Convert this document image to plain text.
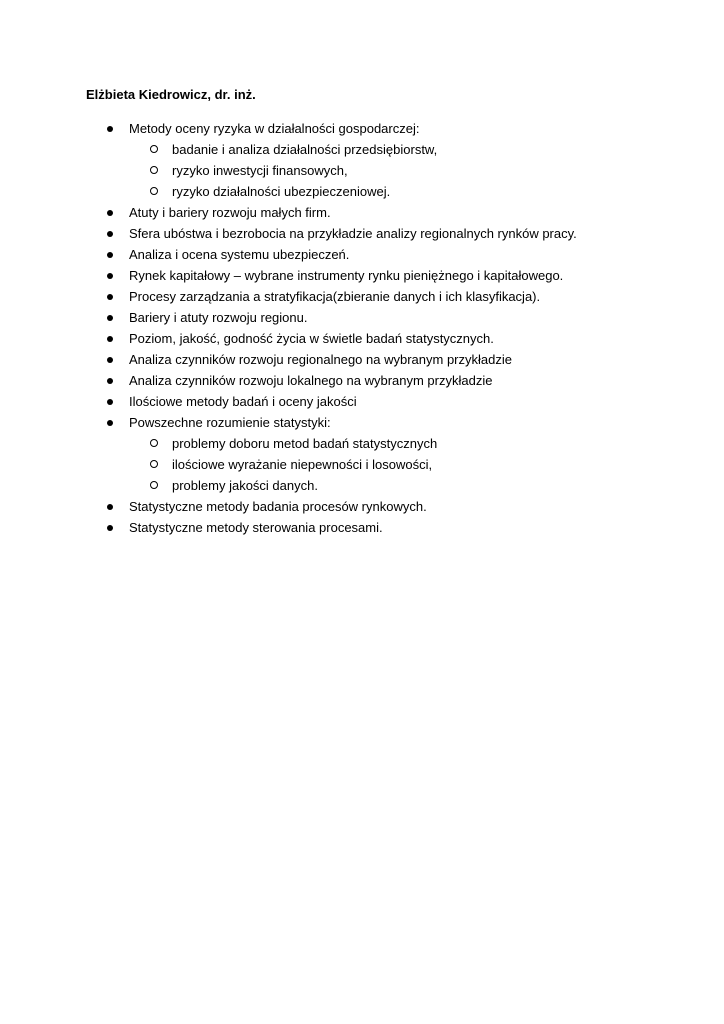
Elżbieta Kiedrowicz, dr. inż.
Metody oceny ryzyka w działalności gospodarczej:
badanie i analiza działalności przedsiębiorstw,
ryzyko inwestycji finansowych,
ryzyko działalności ubezpieczeniowej.
Atuty i bariery rozwoju małych firm.
Sfera ubóstwa i bezrobocia na przykładzie analizy regionalnych rynków pracy.
Analiza i ocena systemu ubezpieczeń.
Rynek kapitałowy – wybrane instrumenty rynku pieniężnego i kapitałowego.
Procesy zarządzania a stratyfikacja(zbieranie danych i ich klasyfikacja).
Bariery i atuty rozwoju regionu.
Poziom, jakość, godność życia w świetle badań statystycznych.
Analiza czynników rozwoju regionalnego na wybranym przykładzie
Analiza czynników rozwoju lokalnego na wybranym przykładzie
Ilościowe metody badań i oceny jakości
Powszechne rozumienie statystyki:
problemy doboru metod badań statystycznych
ilościowe wyrażanie niepewności i losowości,
problemy jakości danych.
Statystyczne metody badania procesów rynkowych.
Statystyczne metody sterowania procesami.
